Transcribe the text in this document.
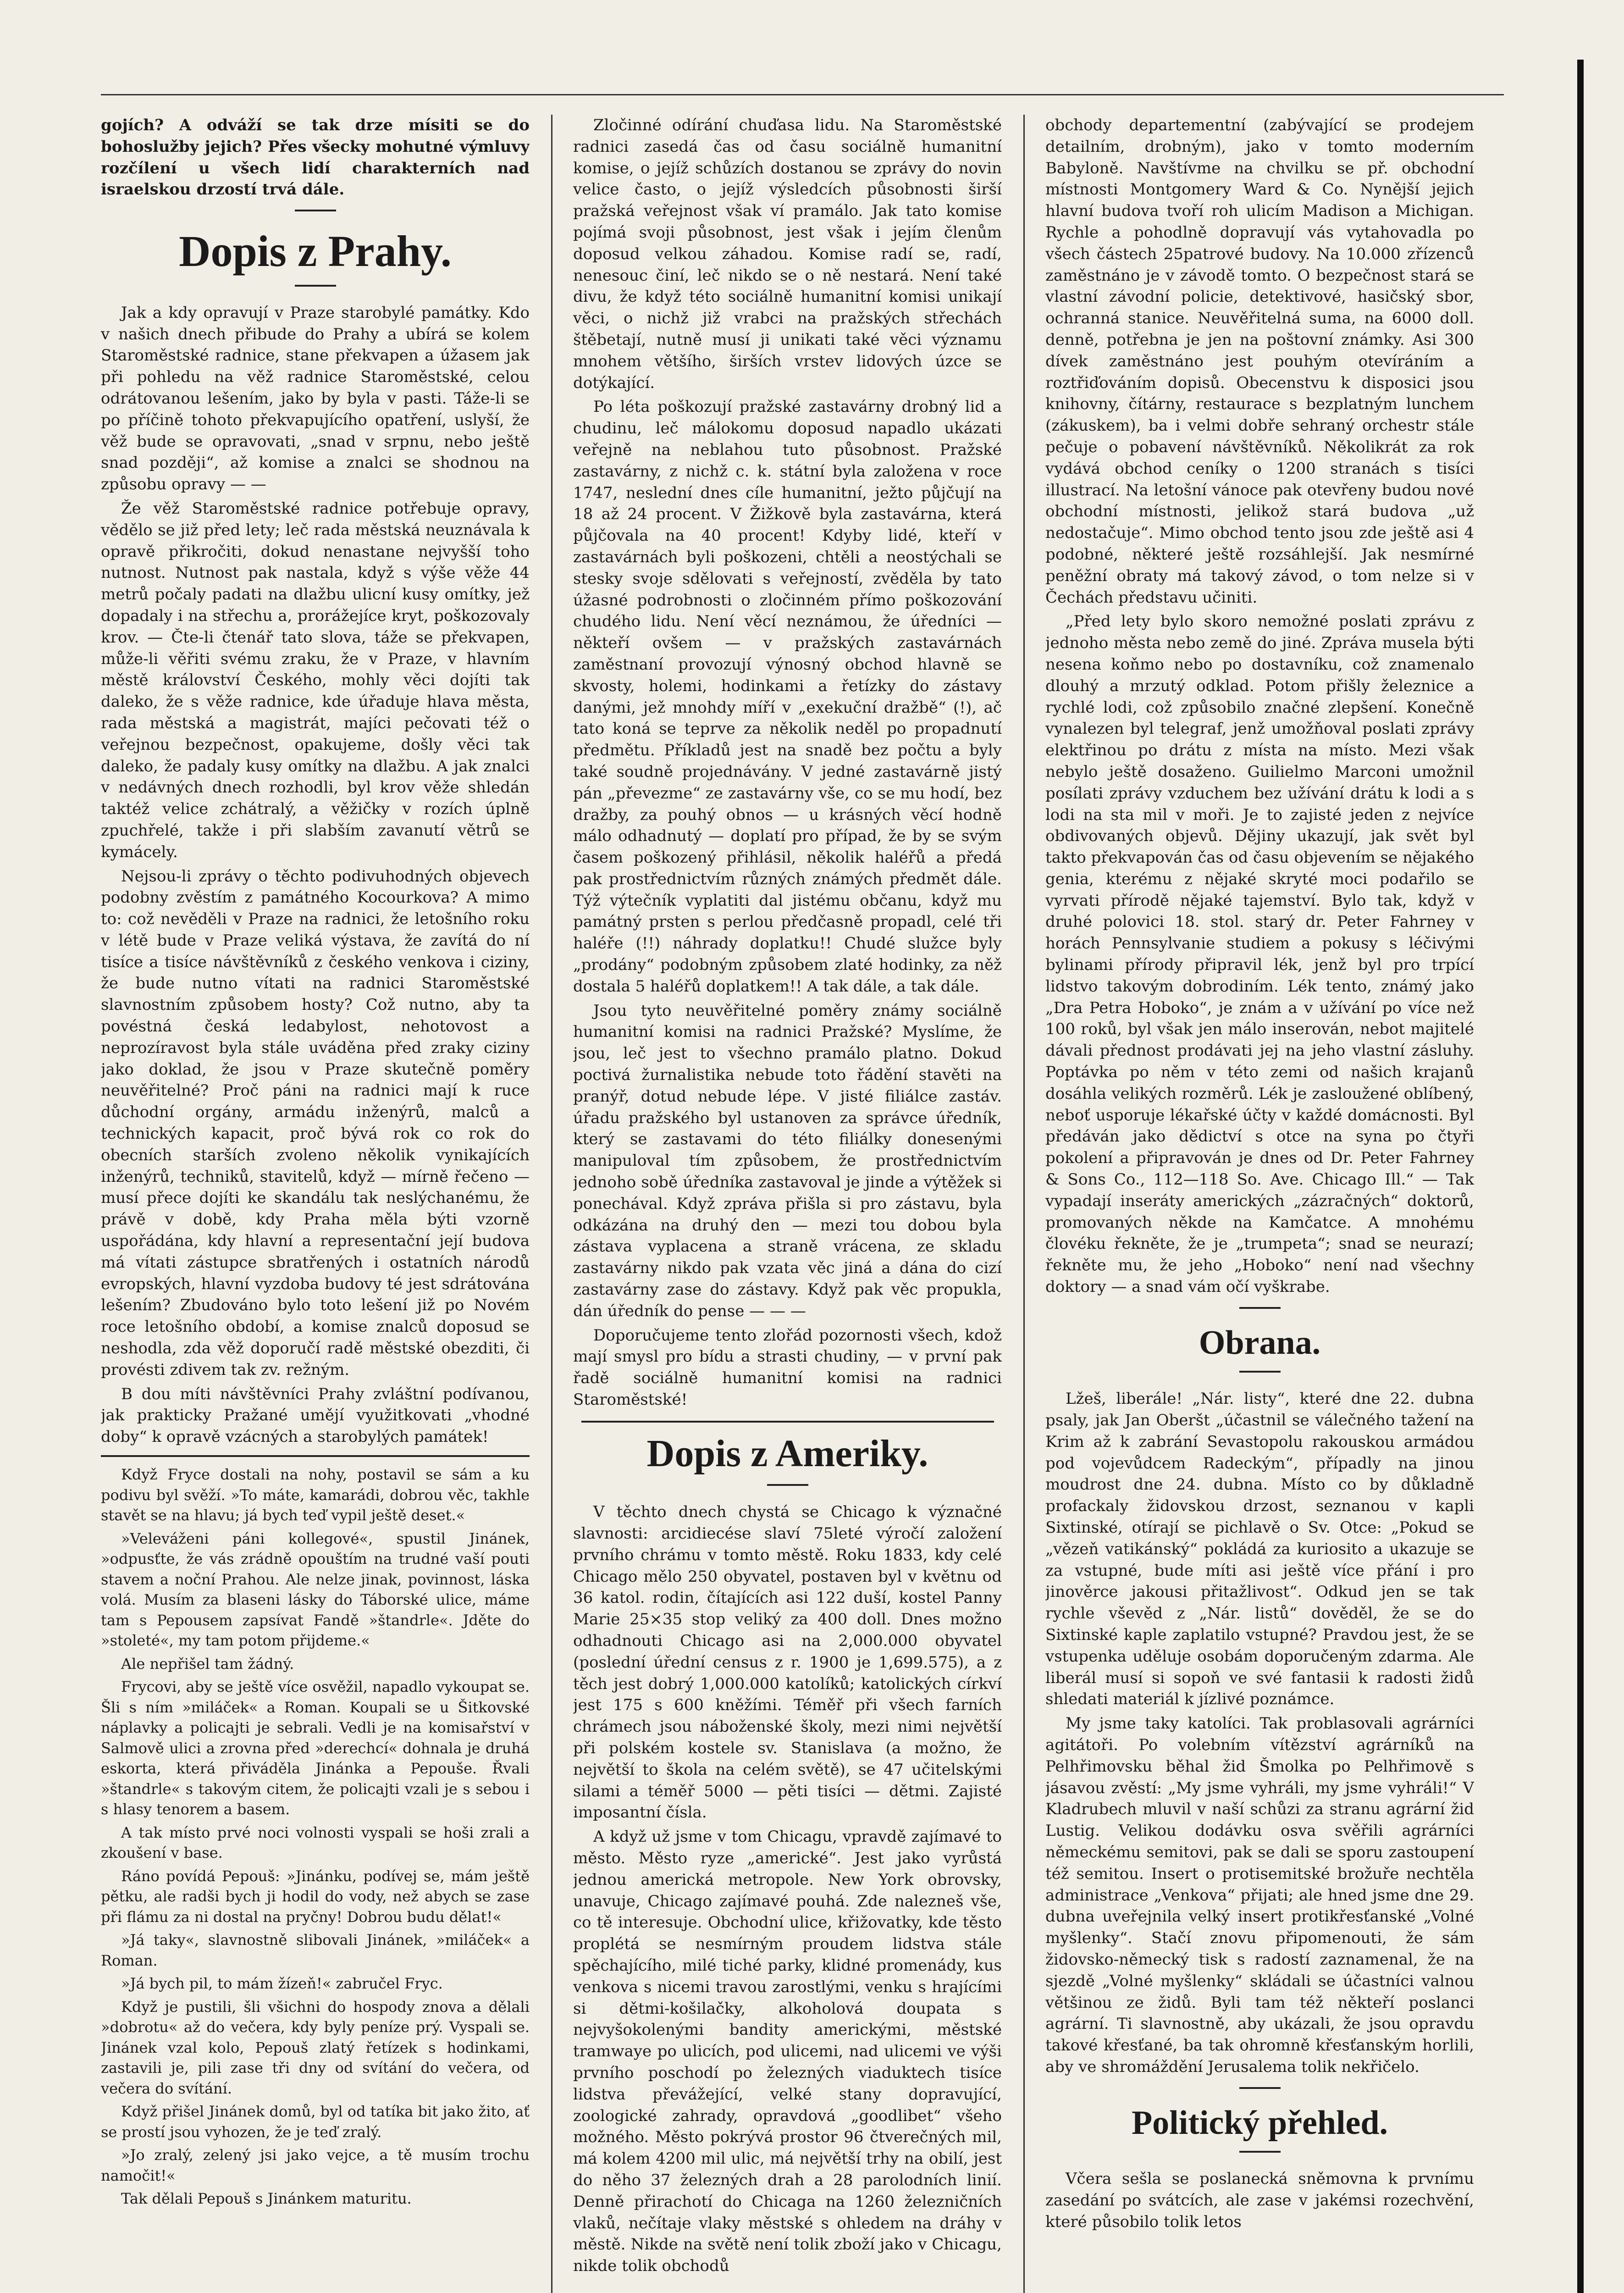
gojích? A odváží se tak drze mísiti se do bohoslužby jejich? Přes všecky mohutné výmluvy rozčílení u všech lidí charakterních nad israelskou drzostí trvá dále.

Dopis z Prahy.

Jak a kdy opravují v Praze starobylé památky. Kdo v našich dnech přibude do Prahy a ubírá se kolem Staroměstské radnice, stane překvapen a úžasem jak při pohledu na věž radnice Staroměstské, celou odrátovanou lešením, jako by byla v pasti. Táže-li se po příčině tohoto překvapujícího opatření, uslyší, že věž bude se opravovati, „snad v srpnu, nebo ještě snad později“, až komise a znalci se shodnou na způsobu opravy — —

Že věž Staroměstské radnice potřebuje opravy, vědělo se již před lety; leč rada městská neuznávala k opravě přikročiti, dokud nenastane nejvyšší toho nutnost. Nutnost pak nastala, když s výše věže 44 metrů počaly padati na dlažbu ulicní kusy omítky, jež dopadaly i na střechu a, prorážejíce kryt, poškozovaly krov. — Čte-li čtenář tato slova, táže se překvapen, může-li věřiti svému zraku, že v Praze, v hlavním městě království Českého, mohly věci dojíti tak daleko, že s věže radnice, kde úřaduje hlava města, rada městská a magistrát, majíci pečovati též o veřejnou bezpečnost, opakujeme, došly věci tak daleko, že padaly kusy omítky na dlažbu. A jak znalci v nedávných dnech rozhodli, byl krov věže shledán taktéž velice zchátralý, a věžičky v rozích úplně zpuchřelé, takže i při slabším zavanutí větrů se kymácely.

Nejsou-li zprávy o těchto podivuhodných objevech podobny zvěstím z památného Kocourkova? A mimo to: což nevěděli v Praze na radnici, že letošního roku v létě bude v Praze veliká výstava, že zavítá do ní tisíce a tisíce návštěvníků z českého venkova i ciziny, že bude nutno vítati na radnici Staroměstské slavnostním způsobem hosty? Což nutno, aby ta povéstná česká ledabylost, nehotovost a neprozíravost byla stále uváděna před zraky ciziny jako doklad, že jsou v Praze skutečně poměry neuvěřitelné? Proč páni na radnici mají k ruce důchodní orgány, armádu inženýrů, malců a technických kapacit, proč bývá rok co rok do obecních starších zvoleno několik vynikajících inženýrů, techniků, stavitelů, když — mírně řečeno — musí přece dojíti ke skandálu tak neslýchanému, že právě v době, kdy Praha měla býti vzorně uspořádána, kdy hlavní a representační její budova má vítati zástupce sbratřených i ostatních národů evropských, hlavní vyzdoba budovy té jest sdrátována lešením? Zbudováno bylo toto lešení již po Novém roce letošního období, a komise znalců doposud se neshodla, zda věž doporučí radě městské obezditi, či provésti zdivem tak zv. režným.

B dou míti návštěvníci Prahy zvláštní podívanou, jak prakticky Pražané umějí využitkovati „vhodné doby“ k opravě vzácných a starobylých památek!

Když Fryce dostali na nohy, postavil se sám a ku podivu byl svěží. »To máte, kamarádi, dobrou věc, takhle stavět se na hlavu; já bych teď vypil ještě deset.«

»Veleváženi páni kollegové«, spustil Jinánek, »odpusťte, že vás zrádně opouštím na trudné vaší pouti stavem a noční Prahou. Ale nelze jinak, povinnost, láska volá. Musím za blaseni lásky do Táborské ulice, máme tam s Pepousem zapsívat Fandě »štandrle«. Jděte do »stoleté«, my tam potom přijdeme.«

Ale nepřišel tam žádný.

Frycovi, aby se ještě více osvěžil, napadlo vykoupat se. Šli s ním »miláček« a Roman. Koupali se u Šitkovské náplavky a policajti je sebrali. Vedli je na komisařství v Salmově ulici a zrovna před »derechcí« dohnala je druhá eskorta, která přiváděla Jinánka a Pepouše. Řvali »štandrle« s takovým citem, že policajti vzali je s sebou i s hlasy tenorem a basem.

A tak místo prvé noci volnosti vyspali se hoši zrali a zkoušení v base.

Ráno povídá Pepouš: »Jinánku, podívej se, mám ještě pětku, ale radši bych ji hodil do vody, než abych se zase při flámu za ni dostal na pryčny! Dobrou budu dělat!«

»Já taky«, slavnostně slibovali Jinánek, »miláček« a Roman.

»Já bych pil, to mám žízeň!« zabručel Fryc.

Když je pustili, šli všichni do hospody znova a dělali »dobrotu« až do večera, kdy byly peníze prý. Vyspali se. Jinánek vzal kolo, Pepouš zlatý řetízek s hodinkami, zastavili je, pili zase tři dny od svítání do večera, od večera do svítání.

Když přišel Jinánek domů, byl od tatíka bit jako žito, ať se prostí jsou vyhozen, že je teď zralý.

»Jo zralý, zelený jsi jako vejce, a tě musím trochu namočit!«

Tak dělali Pepouš s Jinánkem maturitu.

Zločinné odírání chuďasa lidu. Na Staroměstské radnici zasedá čas od času sociálně humanitní komise, o jejíž schůzích dostanou se zprávy do novin velice často, o jejíž výsledcích působnosti širší pražská veřejnost však ví pramálo. Jak tato komise pojímá svoji působnost, jest však i jejím členům doposud velkou záhadou. Komise radí se, radí, nenesouc činí, leč nikdo se o ně nestará. Není také divu, že když této sociálně humanitní komisi unikají věci, o nichž již vrabci na pražských střechách štěbetají, nutně musí ji unikati také věci významu mnohem většího, širších vrstev lidových úzce se dotýkající.

Po léta poškozují pražské zastavárny drobný lid a chudinu, leč málokomu doposud napadlo ukázati veřejně na neblahou tuto působnost. Pražské zastavárny, z nichž c. k. státní byla založena v roce 1747, neslední dnes cíle humanitní, ježto půjčují na 18 až 24 procent. V Žižkově byla zastavárna, která půjčovala na 40 procent! Kdyby lidé, kteří v zastavárnách byli poškozeni, chtěli a neostýchali se stesky svoje sdělovati s veřejností, zvěděla by tato úžasné podrobnosti o zločinném přímo poškozování chudého lidu. Není věcí neznámou, že úředníci — někteří ovšem — v pražských zastavárnách zaměstnaní provozují výnosný obchod hlavně se skvosty, holemi, hodinkami a řetízky do zástavy danými, jež mnohdy míří v „exekuční dražbě“ (!), ač tato koná se teprve za několik neděl po propadnutí předmětu. Příkladů jest na snadě bez počtu a byly také soudně projednávány. V jedné zastavárně jistý pán „převezme“ ze zastavárny vše, co se mu hodí, bez dražby, za pouhý obnos — u krásných věcí hodně málo odhadnutý — doplatí pro případ, že by se svým časem poškozený přihlásil, několik haléřů a předá pak prostřednictvím různých známých předmět dále. Týž výtečník vyplatiti dal jistému občanu, když mu památný prsten s perlou předčasně propadl, celé tři haléře (!!) náhrady doplatku!! Chudé služce byly „prodány“ podobným způsobem zlaté hodinky, za něž dostala 5 haléřů doplatkem!! A tak dále, a tak dále.

Jsou tyto neuvěřitelné poměry známy sociálně humanitní komisi na radnici Pražské? Myslíme, že jsou, leč jest to všechno pramálo platno. Dokud poctivá žurnalistika nebude toto řádění stavěti na pranýř, dotud nebude lépe. V jisté filiálce zastáv. úřadu pražského byl ustanoven za správce úředník, který se zastavami do této filiálky donesenými manipuloval tím způsobem, že prostřednictvím jednoho sobě úředníka zastavoval je jinde a výtěžek si ponechával. Když zpráva přišla si pro zástavu, byla odkázána na druhý den — mezi tou dobou byla zástava vyplacena a straně vrácena, ze skladu zastavárny nikdo pak vzata věc jiná a dána do cizí zastavárny zase do zástavy. Když pak věc propukla, dán úředník do pense — — —

Doporučujeme tento zlořád pozornosti všech, kdož mají smysl pro bídu a strasti chudiny, — v první pak řadě sociálně humanitní komisi na radnici Staroměstské!

Dopis z Ameriky.

V těchto dnech chystá se Chicago k význačné slavnosti: arcidiecése slaví 75leté výročí založení prvního chrámu v tomto městě. Roku 1833, kdy celé Chicago mělo 250 obyvatel, postaven byl v květnu od 36 katol. rodin, čítajících asi 122 duší, kostel Panny Marie 25×35 stop veliký za 400 doll. Dnes možno odhadnouti Chicago asi na 2,000.000 obyvatel (poslední úřední census z r. 1900 je 1,699.575), a z těch jest dobrý 1,000.000 katolíků; katolických církví jest 175 s 600 kněžími. Téměř při všech farních chrámech jsou náboženské školy, mezi nimi největší při polském kostele sv. Stanislava (a možno, že největší to škola na celém světě), se 47 učitelskými silami a téměř 5000 — pěti tisíci — dětmi. Zajisté imposantní čísla.

A když už jsme v tom Chicagu, vpravdě zajímavé to město. Město ryze „americké“. Jest jako vyrůstá jednou americká metropole. New York obrovsky, unavuje, Chicago zajímavé pouhá. Zde nalezneš vše, co tě interesuje. Obchodní ulice, křižovatky, kde těsto proplétá se nesmírným proudem lidstva stále spěchajícího, milé tiché parky, klidné promenády, kus venkova s nicemi travou zarostlými, venku s hrajícími si dětmi-košilačky, alkoholová doupata s nejvyšokolenými bandity americkými, městské tramwaye po ulicích, pod ulicemi, nad ulicemi ve výši prvního poschodí po železných viaduktech tisíce lidstva převážející, velké stany dopravující, zoologické zahrady, opravdová „goodlibet“ všeho možného. Město pokrývá prostor 96 čtverečných mil, má kolem 4200 mil ulic, má největší trhy na obilí, jest do něho 37 železných drah a 28 parolodních linií. Denně přirachotí do Chicaga na 1260 železničních vlaků, nečítaje vlaky městské s ohledem na dráhy v městě. Nikde na světě není tolik zboží jako v Chicagu, nikde tolik obchodů

obchody departementní (zabývající se prodejem detailním, drobným), jako v tomto moderním Babyloně. Navštívme na chvilku se př. obchodní místnosti Montgomery Ward & Co. Nynější jejich hlavní budova tvoří roh ulicím Madison a Michigan. Rychle a pohodlně dopravují vás vytahovadla po všech částech 25patrové budovy. Na 10.000 zřízenců zaměstnáno je v závodě tomto. O bezpečnost stará se vlastní závodní policie, detektivové, hasičský sbor, ochranná stanice. Neuvěřitelná suma, na 6000 doll. denně, potřebna je jen na poštovní známky. Asi 300 dívek zaměstnáno jest pouhým otevíráním a roztřiďováním dopisů. Obecenstvu k disposici jsou knihovny, čítárny, restaurace s bezplatným lunchem (zákuskem), ba i velmi dobře sehraný orchestr stále pečuje o pobavení návštěvníků. Několikrát za rok vydává obchod ceníky o 1200 stranách s tisíci illustrací. Na letošní vánoce pak otevřeny budou nové obchodní místnosti, jelikož stará budova „už nedostačuje“. Mimo obchod tento jsou zde ještě asi 4 podobné, některé ještě rozsáhlejší. Jak nesmírné peněžní obraty má takový závod, o tom nelze si v Čechách představu učiniti.

„Před lety bylo skoro nemožné poslati zprávu z jednoho města nebo země do jiné. Zpráva musela býti nesena koňmo nebo po dostavníku, což znamenalo dlouhý a mrzutý odklad. Potom přišly železnice a rychlé lodi, což způsobilo značné zlepšení. Konečně vynalezen byl telegraf, jenž umožňoval poslati zprávy elektřinou po drátu z místa na místo. Mezi však nebylo ještě dosaženo. Guilielmo Marconi umožnil posílati zprávy vzduchem bez užívání drátu k lodi a s lodi na sta mil v moři. Je to zajisté jeden z nejvíce obdivovaných objevů. Dějiny ukazují, jak svět byl takto překvapován čas od času objevením se nějakého genia, kterému z nějaké skryté moci podařilo se vyrvati přírodě nějaké tajemství. Bylo tak, když v druhé polovici 18. stol. starý dr. Peter Fahrney v horách Pennsylvanie studiem a pokusy s léčivými bylinami přírody připravil lék, jenž byl pro trpící lidstvo takovým dobrodiním. Lék tento, známý jako „Dra Petra Hoboko“, je znám a v užívání po více než 100 roků, byl však jen málo inserován, nebot majitelé dávali přednost prodávati jej na jeho vlastní zásluhy. Poptávka po něm v této zemi od našich krajanů dosáhla velikých rozměrů. Lék je zasloužené oblíbený, neboť usporuje lékařské účty v každé domácnosti. Byl předáván jako dědictví s otce na syna po čtyři pokolení a připravován je dnes od Dr. Peter Fahrney & Sons Co., 112—118 So. Ave. Chicago Ill.“ — Tak vypadají inseráty amerických „zázračných“ doktorů, promovaných někde na Kamčatce. A mnohému človéku řekněte, že je „trumpeta“; snad se neurazí; řekněte mu, že jeho „Hoboko“ není nad všechny doktory — a snad vám očí vyškrabe.

Obrana.

Lžeš, liberále! „Nár. listy“, které dne 22. dubna psaly, jak Jan Oberšt „účastnil se válečného tažení na Krim až k zabrání Sevastopolu rakouskou armádou pod vojevůdcem Radeckým“, případly na jinou moudrost dne 24. dubna. Místo co by důkladně profackaly židovskou drzost, seznanou v kapli Sixtinské, otírají se pichlavě o Sv. Otce: „Pokud se „vězeň vatikánský“ pokládá za kuriosito a ukazuje se za vstupné, bude míti asi ještě více přání i pro jinověrce jakousi přitažlivost“. Odkud jen se tak rychle vševěd z „Nár. listů“ dověděl, že se do Sixtinské kaple zaplatilo vstupné? Pravdou jest, že se vstupenka uděluje osobám doporučeným zdarma. Ale liberál musí si sopoň ve své fantasii k radosti židů shledati materiál k jízlivé poznámce.

My jsme taky katolíci. Tak problasovali agrárníci agitátoři. Po volebním vítězství agrárníků na Pelhřimovsku běhal žid Šmolka po Pelhřimově s jásavou zvěstí: „My jsme vyhráli, my jsme vyhráli!“ V Kladrubech mluvil v naší schůzi za stranu agrární žid Lustig. Velikou dodávku osva svěřili agrárníci německému semitovi, pak se dali se sporu zastoupení též semitou. Insert o protisemitské brožuře nechtěla administrace „Venkova“ přijati; ale hned jsme dne 29. dubna uveřejnila velký insert protikřesťanské „Volné myšlenky“. Stačí znovu připomenouti, že sám židovsko-německý tisk s radostí zaznamenal, že na sjezdě „Volné myšlenky“ skládali se účastníci valnou většinou ze židů. Byli tam též někteří poslanci agrární. Ti slavnostně, aby ukázali, že jsou opravdu takové křesťané, ba tak ohromně křesťanským horlili, aby ve shromáždění Jerusalema tolik nekřičelo.

Politický přehled.

Včera sešla se poslanecká sněmovna k prvnímu zasedání po svátcích, ale zase v jakémsi rozechvění, které působilo tolik letos
